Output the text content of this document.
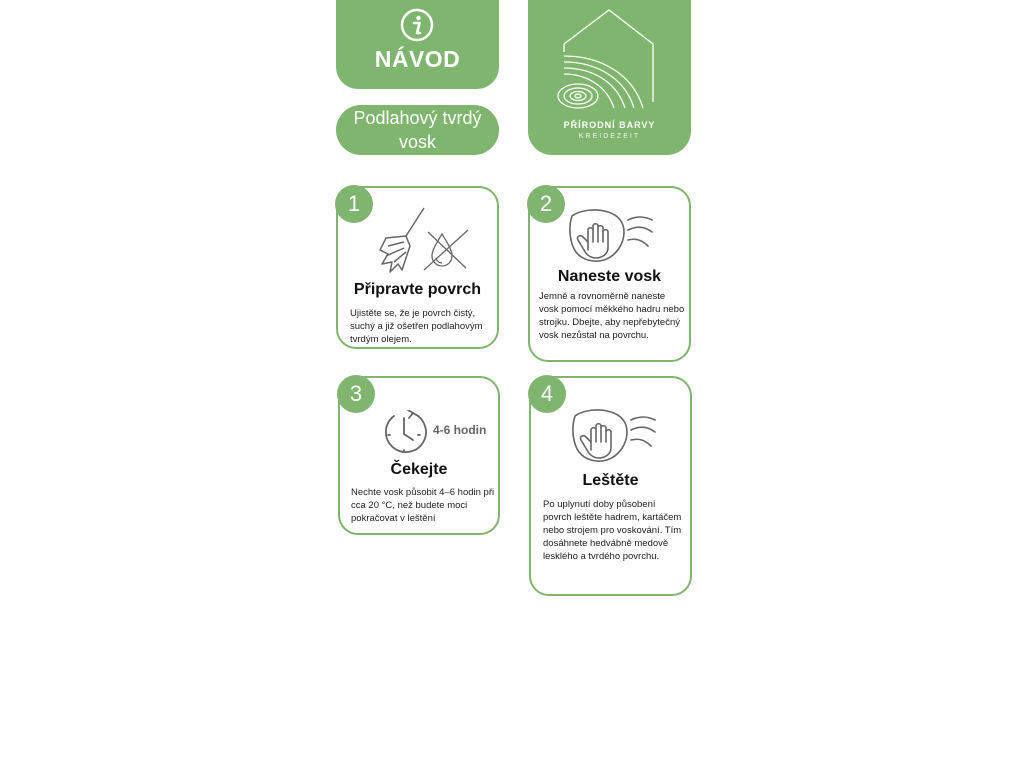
NÁVOD
Podlahový tvrdý vosk
PŘÍRODNÍ BARVY
KREIDEZEIT
1
Připravte povrch
Ujistěte se, že je povrch čistý, suchý a již ošetřen podlahovým tvrdým olejem.
2
Naneste vosk
Jemně a rovnoměrně naneste vosk pomocí měkkého hadru nebo strojku. Dbejte, aby nepřebytečný vosk nezůstal na povrchu.
3
4-6 hodin
Čekejte
Nechte vosk působit 4–6 hodin při cca 20 °C, než budete moci pokračovat v leštění
4
Leštěte
Po uplynutí doby působení povrch leštěte hadrem, kartáčem nebo strojem pro voskování. Tím dosáhnete hedvábně medově lesklého a tvrdého povrchu.
